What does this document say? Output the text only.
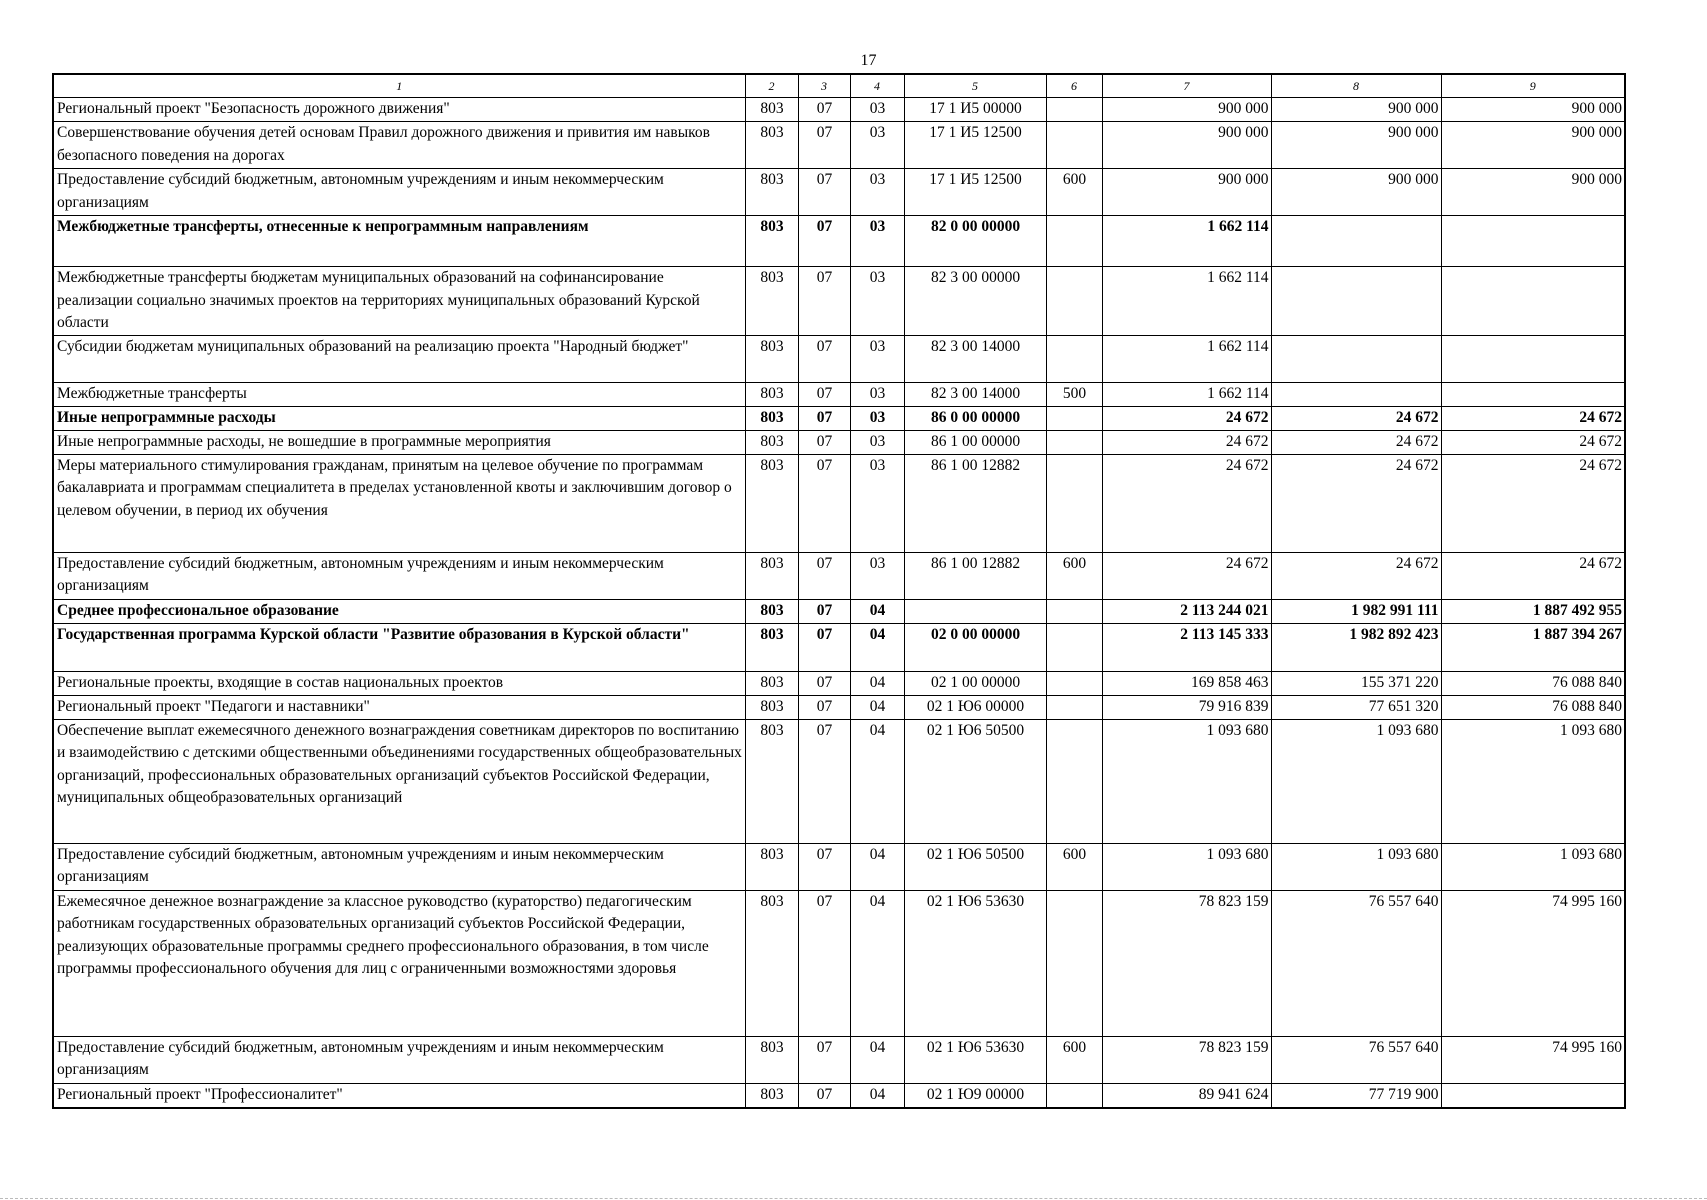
17
1	2	3	4	5	6	7	8	9
Региональный проект "Безопасность дорожного движения"	803	07	03	17 1 И5 00000		900 000	900 000	900 000
Совершенствование обучения детей основам Правил дорожного движения и привития им навыков безопасного поведения на дорогах	803	07	03	17 1 И5 12500		900 000	900 000	900 000
Предоставление субсидий бюджетным, автономным учреждениям и иным некоммерческим организациям	803	07	03	17 1 И5 12500	600	900 000	900 000	900 000
Межбюджетные трансферты, отнесенные к непрограммным направлениям	803	07	03	82 0 00 00000		1 662 114		
Межбюджетные трансферты бюджетам муниципальных образований на софинансирование реализации социально значимых проектов на территориях муниципальных образований Курской области	803	07	03	82 3 00 00000		1 662 114		
Субсидии бюджетам муниципальных образований на реализацию проекта "Народный бюджет"	803	07	03	82 3 00 14000		1 662 114		
Межбюджетные трансферты	803	07	03	82 3 00 14000	500	1 662 114		
Иные непрограммные расходы	803	07	03	86 0 00 00000		24 672	24 672	24 672
Иные непрограммные расходы, не вошедшие в программные мероприятия	803	07	03	86 1 00 00000		24 672	24 672	24 672
Меры материального стимулирования гражданам, принятым на целевое обучение по программам бакалавриата и программам специалитета в пределах установленной квоты и заключившим договор о целевом обучении, в период их обучения	803	07	03	86 1 00 12882		24 672	24 672	24 672
Предоставление субсидий бюджетным, автономным учреждениям и иным некоммерческим организациям	803	07	03	86 1 00 12882	600	24 672	24 672	24 672
Среднее профессиональное образование	803	07	04			2 113 244 021	1 982 991 111	1 887 492 955
Государственная программа Курской области "Развитие образования в Курской области"	803	07	04	02 0 00 00000		2 113 145 333	1 982 892 423	1 887 394 267
Региональные проекты, входящие в состав национальных проектов	803	07	04	02 1 00 00000		169 858 463	155 371 220	76 088 840
Региональный проект "Педагоги и наставники"	803	07	04	02 1 Ю6 00000		79 916 839	77 651 320	76 088 840
Обеспечение выплат ежемесячного денежного вознаграждения советникам директоров по воспитанию и взаимодействию с детскими общественными объединениями государственных общеобразовательных организаций, профессиональных образовательных организаций субъектов Российской Федерации, муниципальных общеобразовательных организаций	803	07	04	02 1 Ю6 50500		1 093 680	1 093 680	1 093 680
Предоставление субсидий бюджетным, автономным учреждениям и иным некоммерческим организациям	803	07	04	02 1 Ю6 50500	600	1 093 680	1 093 680	1 093 680
Ежемесячное денежное вознаграждение за классное руководство (кураторство) педагогическим работникам государственных образовательных организаций субъектов Российской Федерации, реализующих образовательные программы среднего профессионального образования, в том числе программы профессионального обучения для лиц с ограниченными возможностями здоровья	803	07	04	02 1 Ю6 53630		78 823 159	76 557 640	74 995 160
Предоставление субсидий бюджетным, автономным учреждениям и иным некоммерческим организациям	803	07	04	02 1 Ю6 53630	600	78 823 159	76 557 640	74 995 160
Региональный проект "Профессионалитет"	803	07	04	02 1 Ю9 00000		89 941 624	77 719 900	
